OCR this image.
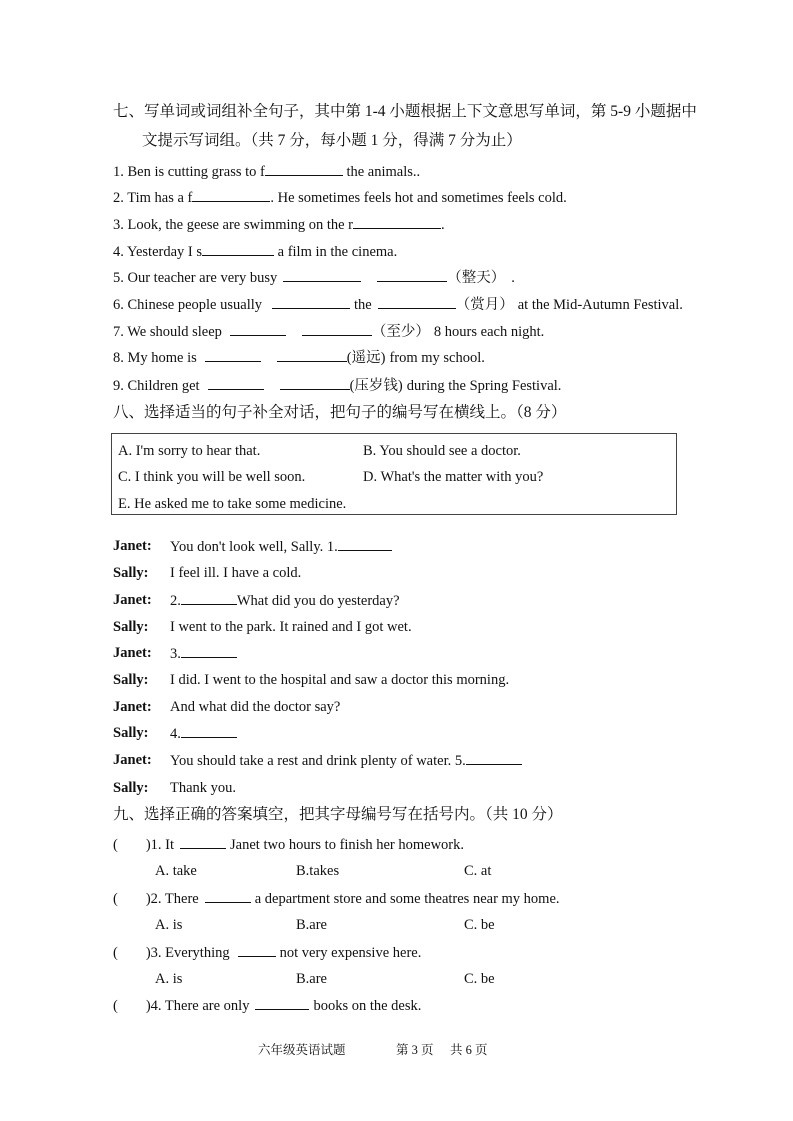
七、写单词或词组补全句子，其中第 1-4 小题根据上下文意思写单词，第 5-9 小题据中
文提示写词组。（共 7 分，每小题 1 分，得满 7 分为止）
1. Ben is cutting grass to f	the animals..
2. Tim has a f	. He sometimes feels hot and sometimes feels cold.
3. Look, the geese are swimming on the r	.
4. Yesterday I s	a film in the cinema.
5. Our teacher are very busy	（整天） .
6. Chinese people usually	the	（赏月） at the Mid-Autumn Festival.
7. We should sleep	（至少） 8 hours each night.
8. My home is	(遥远) from my school.
9. Children get	(压岁钱) during the Spring Festival.
八、选择适当的句子补全对话，把句子的编号写在横线上。（8 分）
A. I'm sorry to hear that.	B. You should see a doctor.
C. I think you will be well soon.	D. What's the matter with you?
E. He asked me to take some medicine.
Janet: You don't look well, Sally. 1.
Sally: I feel ill. I have a cold.
Janet: 2.	What did you do yesterday?
Sally: I went to the park. It rained and I got wet.
Janet: 3.
Sally: I did. I went to the hospital and saw a doctor this morning.
Janet: And what did the doctor say?
Sally: 4.
Janet: You should take a rest and drink plenty of water. 5.
Sally: Thank you.
九、选择正确的答案填空，把其字母编号写在括号内。（共 10 分）
( )1. It	Janet two hours to finish her homework.
A. take	B.takes	C. at
( )2. There	a department store and some theatres near my home.
A. is	B.are	C. be
( )3. Everything	not very expensive here.
A. is	B.are	C. be
( )4. There are only	books on the desk.
六年级英语试题	第 3 页 共 6 页
